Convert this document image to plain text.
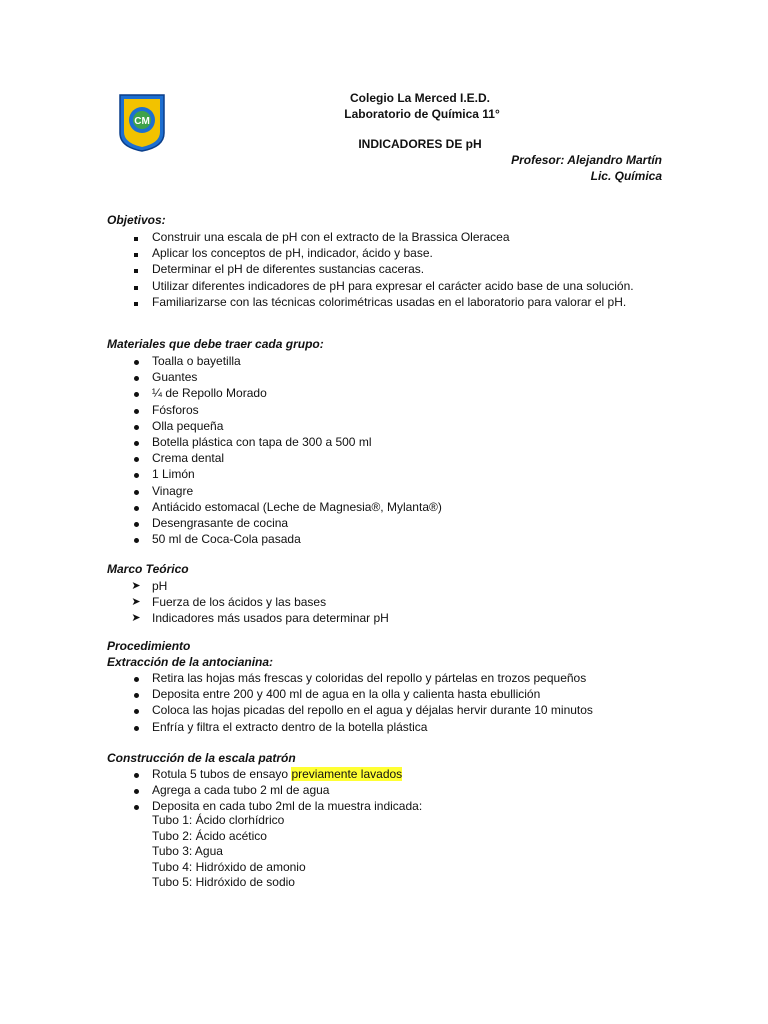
CM
Colegio La Merced I.E.D.
Laboratorio de Química 11°
INDICADORES DE pH
Profesor: Alejandro Martín
Lic. Química
Objetivos:
Construir una escala de pH con el extracto de la Brassica Oleracea
Aplicar los conceptos de pH, indicador, ácido y base.
Determinar el pH de diferentes sustancias caceras.
Utilizar diferentes indicadores de pH para expresar el carácter acido base de una solución.
Familiarizarse con las técnicas colorimétricas usadas en el laboratorio para valorar el pH.
Materiales que debe traer cada grupo:
Toalla o bayetilla
Guantes
¼ de Repollo Morado
Fósforos
Olla pequeña
Botella plástica con tapa de 300 a 500 ml
Crema dental
1 Limón
Vinagre
Antiácido estomacal (Leche de Magnesia®, Mylanta®)
Desengrasante de cocina
50 ml de Coca-Cola pasada
Marco Teórico
➤ pH
➤ Fuerza de los ácidos y las bases
➤ Indicadores más usados para determinar pH
Procedimiento
Extracción de la antocianina:
Retira las hojas más frescas y coloridas del repollo y pártelas en trozos pequeños
Deposita entre 200 y 400 ml de agua en la olla y calienta hasta ebullición
Coloca las hojas picadas del repollo en el agua y déjalas hervir durante 10 minutos
Enfría y filtra el extracto dentro de la botella plástica
Construcción de la escala patrón
Rotula 5 tubos de ensayo previamente lavados
Agrega a cada tubo 2 ml de agua
Deposita en cada tubo 2ml de la muestra indicada:
Tubo 1: Ácido clorhídrico
Tubo 2: Ácido acético
Tubo 3: Agua
Tubo 4: Hidróxido de amonio
Tubo 5: Hidróxido de sodio
